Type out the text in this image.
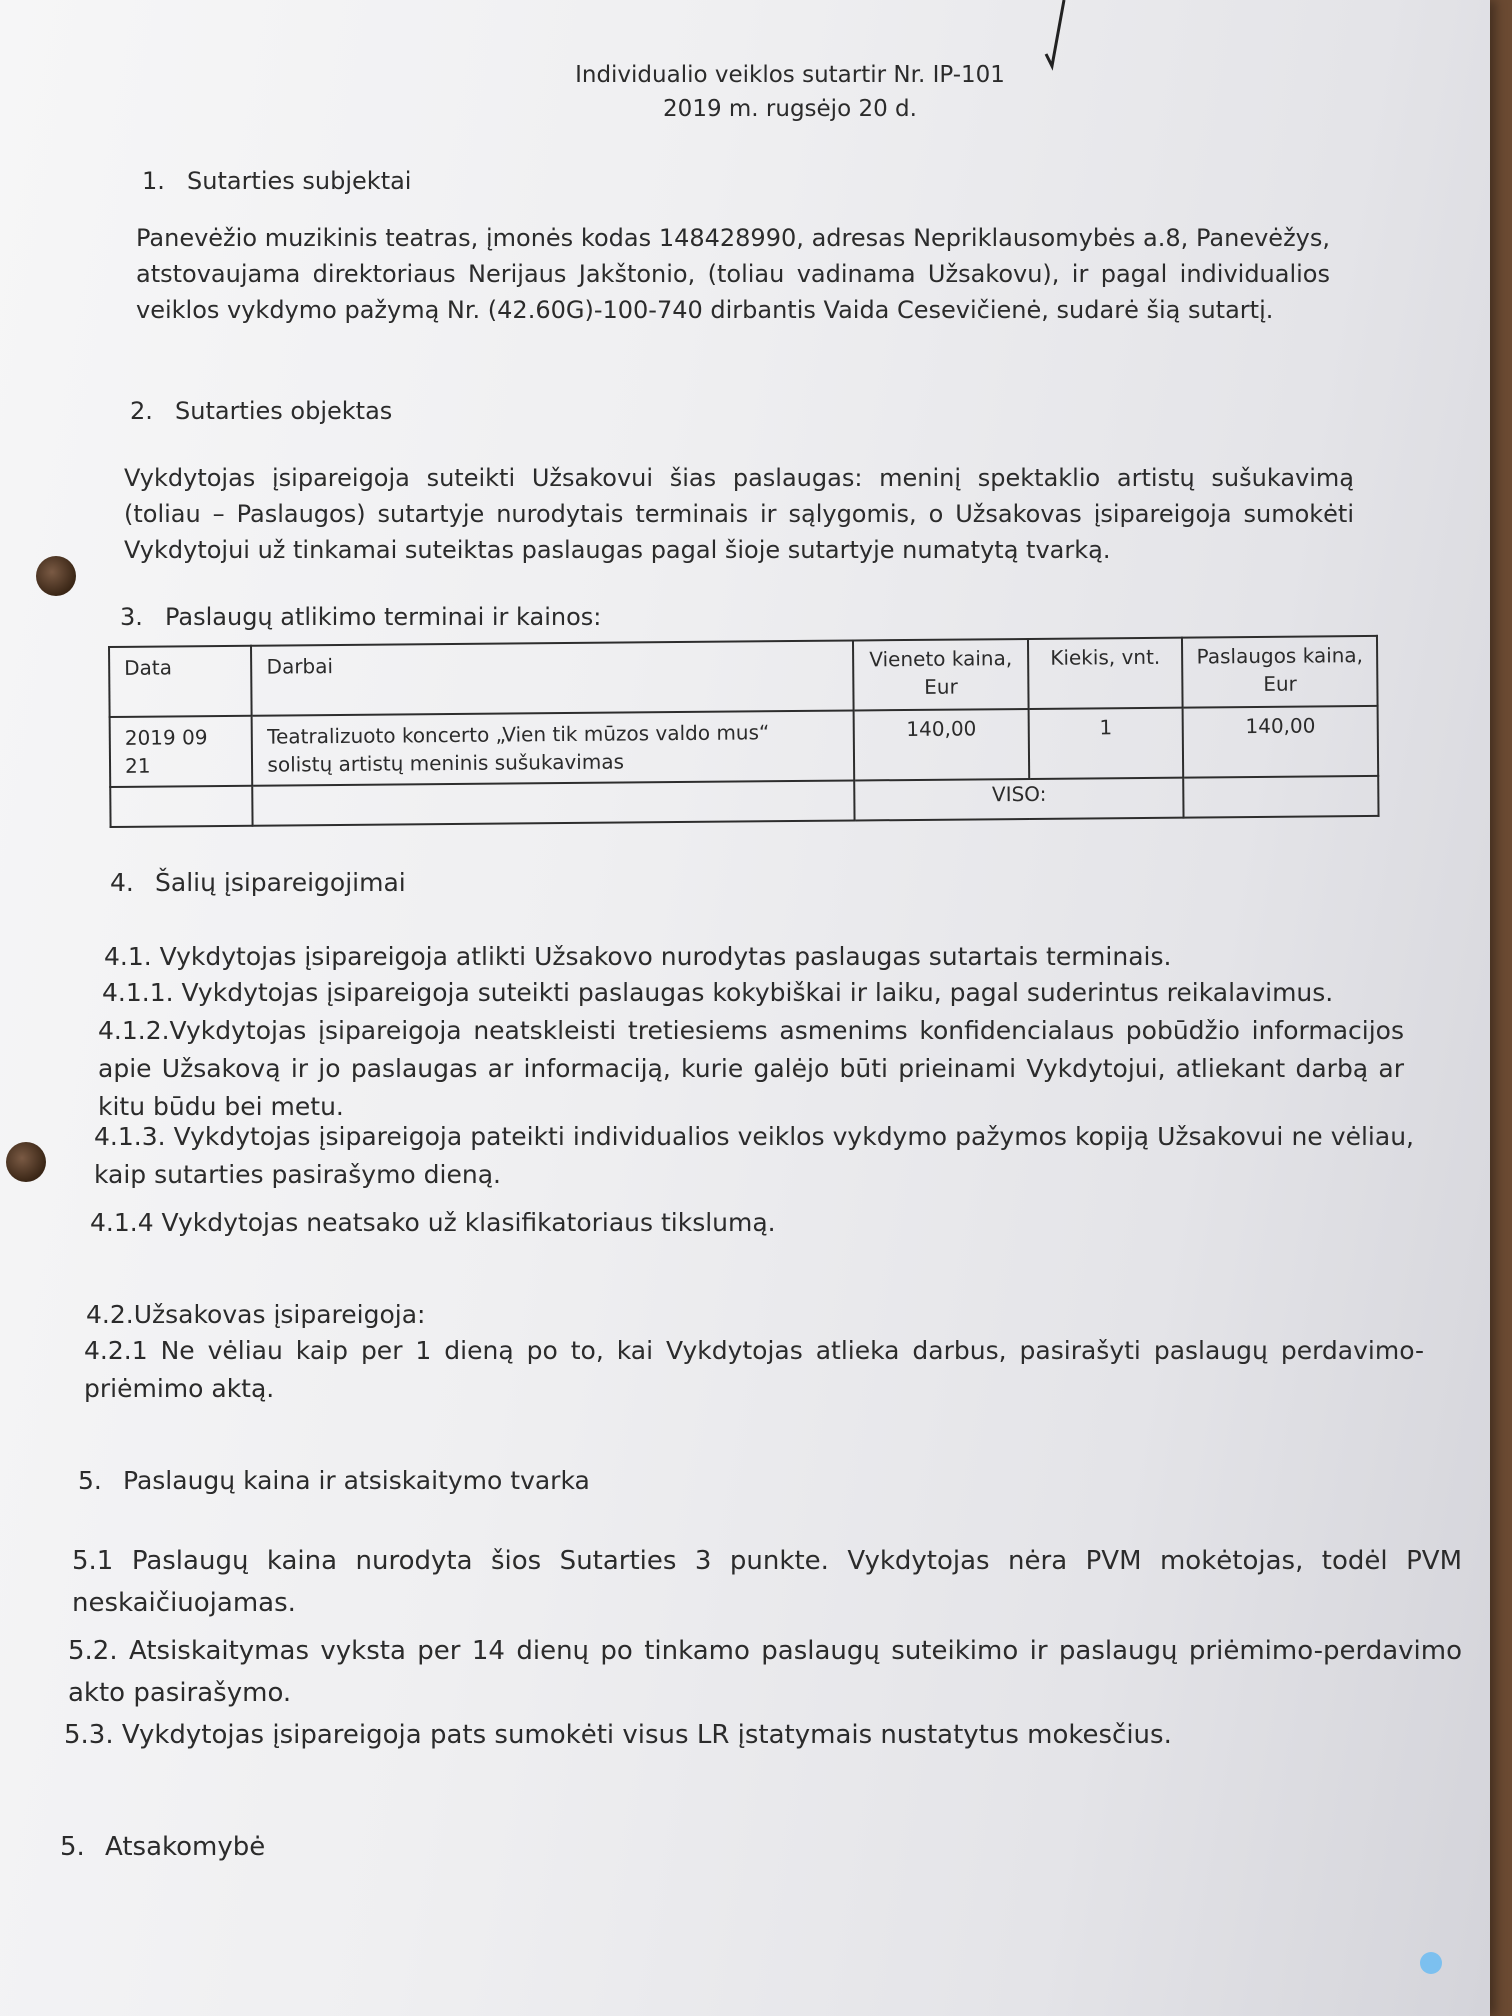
Individualio veiklos sutartir Nr. IP-101
2019 m. rugsėjo 20 d.
1. Sutarties subjektai

Panevėžio muzikinis teatras, įmonės kodas 148428990, adresas Nepriklausomybės a.8, Panevėžys, atstovaujama direktoriaus Nerijaus Jakštonio, (toliau vadinama Užsakovu), ir pagal individualios veiklos vykdymo pažymą Nr. (42.60G)-100-740 dirbantis Vaida Cesevičienė, sudarė šią sutartį.

2. Sutarties objektas

Vykdytojas įsipareigoja suteikti Užsakovui šias paslaugas: meninį spektaklio artistų sušukavimą (toliau – Paslaugos) sutartyje nurodytais terminais ir sąlygomis, o Užsakovas įsipareigoja sumokėti Vykdytojui už tinkamai suteiktas paslaugas pagal šioje sutartyje numatytą tvarką.

3. Paslaugų atlikimo terminai ir kainos:
Data	Darbai	Vieneto kaina, Eur	Kiekis, vnt.	Paslaugos kaina, Eur
2019 09 21	Teatralizuoto koncerto „Vien tik mūzos valdo mus“ solistų artistų meninis sušukavimas	140,00	1	140,00
		VISO:		
4. Šalių įsipareigojimai
4.1. Vykdytojas įsipareigoja atlikti Užsakovo nurodytas paslaugas sutartais terminais.
4.1.1. Vykdytojas įsipareigoja suteikti paslaugas kokybiškai ir laiku, pagal suderintus reikalavimus.

4.1.2.Vykdytojas įsipareigoja neatskleisti tretiesiems asmenims konfidencialaus pobūdžio informacijos apie Užsakovą ir jo paslaugas ar informaciją, kurie galėjo būti prieinami Vykdytojui, atliekant darbą ar kitu būdu bei metu.

4.1.3. Vykdytojas įsipareigoja pateikti individualios veiklos vykdymo pažymos kopiją Užsakovui ne vėliau, kaip sutarties pasirašymo dieną.

4.1.4 Vykdytojas neatsako už klasifikatoriaus tikslumą.
4.2.Užsakovas įsipareigoja:

4.2.1 Ne vėliau kaip per 1 dieną po to, kai Vykdytojas atlieka darbus, pasirašyti paslaugų perdavimo-priėmimo aktą.

5. Paslaugų kaina ir atsiskaitymo tvarka

5.1 Paslaugų kaina nurodyta šios Sutarties 3 punkte. Vykdytojas nėra PVM mokėtojas, todėl PVM neskaičiuojamas.

5.2. Atsiskaitymas vyksta per 14 dienų po tinkamo paslaugų suteikimo ir paslaugų priėmimo-perdavimo akto pasirašymo.

5.3. Vykdytojas įsipareigoja pats sumokėti visus LR įstatymais nustatytus mokesčius.
5. Atsakomybė
